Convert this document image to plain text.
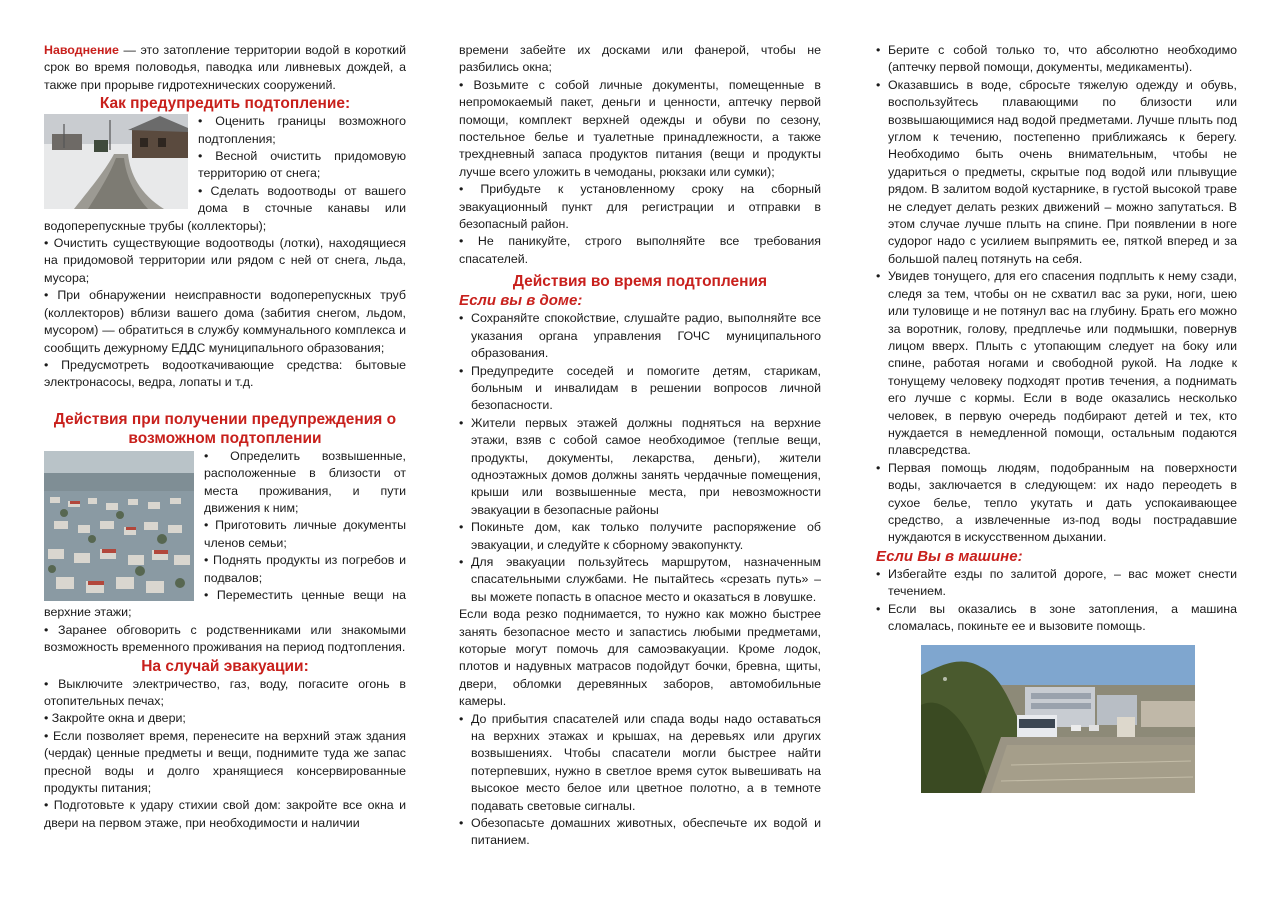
Наводнение — это затопление территории водой в короткий срок во время половодья, паводка или ливневых дождей, а также при прорыве гидротехнических сооружений.

Как предупредить подтопление:

• Оценить границы возможного подтопления;

• Весной очистить придомовую территорию от снега;

• Сделать водоотводы от вашего дома в сточные канавы или водоперепускные трубы (коллекторы);

• Очистить существующие водоотводы (лотки), находящиеся на придомовой территории или рядом с ней от снега, льда, мусора;

• При обнаружении неисправности водоперепускных труб (коллекторов) вблизи вашего дома (забития снегом, льдом, мусором) — обратиться в службу коммунального комплекса и сообщить дежурному ЕДДС муниципального образования;

• Предусмотреть водооткачивающие средства: бытовые электронасосы, ведра, лопаты и т.д.

Действия при получении предупреждения о возможном подтоплении

• Определить возвышенные, расположенные в близости от места проживания, и пути движения к ним;

• Приготовить личные документы членов семьи;

• Поднять продукты из погребов и подвалов;

• Переместить ценные вещи на верхние этажи;

• Заранее обговорить с родственниками или знакомыми возможность временного проживания на период подтопления.

На случай эвакуации:

• Выключите электричество, газ, воду, погасите огонь в отопительных печах;

• Закройте окна и двери;

• Если позволяет время, перенесите на верхний этаж здания (чердак) ценные предметы и вещи, поднимите туда же запас пресной воды и долго хранящиеся консервированные продукты питания;

• Подготовьте к удару стихии свой дом: закройте все окна и двери на первом этаже, при необходимости и наличии

времени забейте их досками или фанерой, чтобы не разбились окна;

• Возьмите с собой личные документы, помещенные в непромокаемый пакет, деньги и ценности, аптечку первой помощи, комплект верхней одежды и обуви по сезону, постельное белье и туалетные принадлежности, а также трехдневный запаса продуктов питания (вещи и продукты лучше всего уложить в чемоданы, рюкзаки или сумки);

• Прибудьте к установленному сроку на сборный эвакуационный пункт для регистрации и отправки в безопасный район.

• Не паникуйте, строго выполняйте все требования спасателей.

Действия во время подтопления
Если вы в доме:
• Сохраняйте спокойствие, слушайте радио, выполняйте все указания органа управления ГОЧС муниципального образования.
• Предупредите соседей и помогите детям, старикам, больным и инвалидам в решении вопросов личной безопасности.
• Жители первых этажей должны подняться на верхние этажи, взяв с собой самое необходимое (теплые вещи, продукты, документы, лекарства, деньги), жители одноэтажных домов должны занять чердачные помещения, крыши или возвышенные места, при невозможности эвакуации в безопасные районы
• Покиньте дом, как только получите распоряжение об эвакуации, и следуйте к сборному эвакопункту.
• Для эвакуации пользуйтесь маршрутом, назначенным спасательными службами. Не пытайтесь «срезать путь» – вы можете попасть в опасное место и оказаться в ловушке.

Если вода резко поднимается, то нужно как можно быстрее занять безопасное место и запастись любыми предметами, которые могут помочь для самоэвакуации. Кроме лодок, плотов и надувных матрасов подойдут бочки, бревна, щиты, двери, обломки деревянных заборов, автомобильные камеры.

• До прибытия спасателей или спада воды надо оставаться на верхних этажах и крышах, на деревьях или других возвышениях. Чтобы спасатели могли быстрее найти потерпевших, нужно в светлое время суток вывешивать на высокое место белое или цветное полотно, а в темноте подавать световые сигналы.
• Обезопасьте домашних животных, обеспечьте их водой и питанием.
• Берите с собой только то, что абсолютно необходимо (аптечку первой помощи, документы, медикаменты).
• Оказавшись в воде, сбросьте тяжелую одежду и обувь, воспользуйтесь плавающими по близости или возвышающимися над водой предметами. Лучше плыть под углом к течению, постепенно приближаясь к берегу. Необходимо быть очень внимательным, чтобы не удариться о предметы, скрытые под водой или плывущие рядом. В залитом водой кустарнике, в густой высокой траве не следует делать резких движений – можно запутаться. В этом случае лучше плыть на спине. При появлении в ноге судорог надо с усилием выпрямить ее, пяткой вперед и за большой палец потянуть на себя.
• Увидев тонущего, для его спасения подплыть к нему сзади, следя за тем, чтобы он не схватил вас за руки, ноги, шею или туловище и не потянул вас на глубину. Брать его можно за воротник, голову, предплечье или подмышки, повернув лицом вверх. Плыть с утопающим следует на боку или спине, работая ногами и свободной рукой. На лодке к тонущему человеку подходят против течения, а поднимать его лучше с кормы. Если в воде оказались несколько человек, в первую очередь подбирают детей и тех, кто нуждается в немедленной помощи, остальным подаются плавсредства.
• Первая помощь людям, подобранным на поверхности воды, заключается в следующем: их надо переодеть в сухое белье, тепло укутать и дать успокаивающее средство, а извлеченные из-под воды пострадавшие нуждаются в искусственном дыхании.
Если Вы в машине:
• Избегайте езды по залитой дороге, – вас может снести течением.
• Если вы оказались в зоне затопления, а машина сломалась, покиньте ее и вызовите помощь.
